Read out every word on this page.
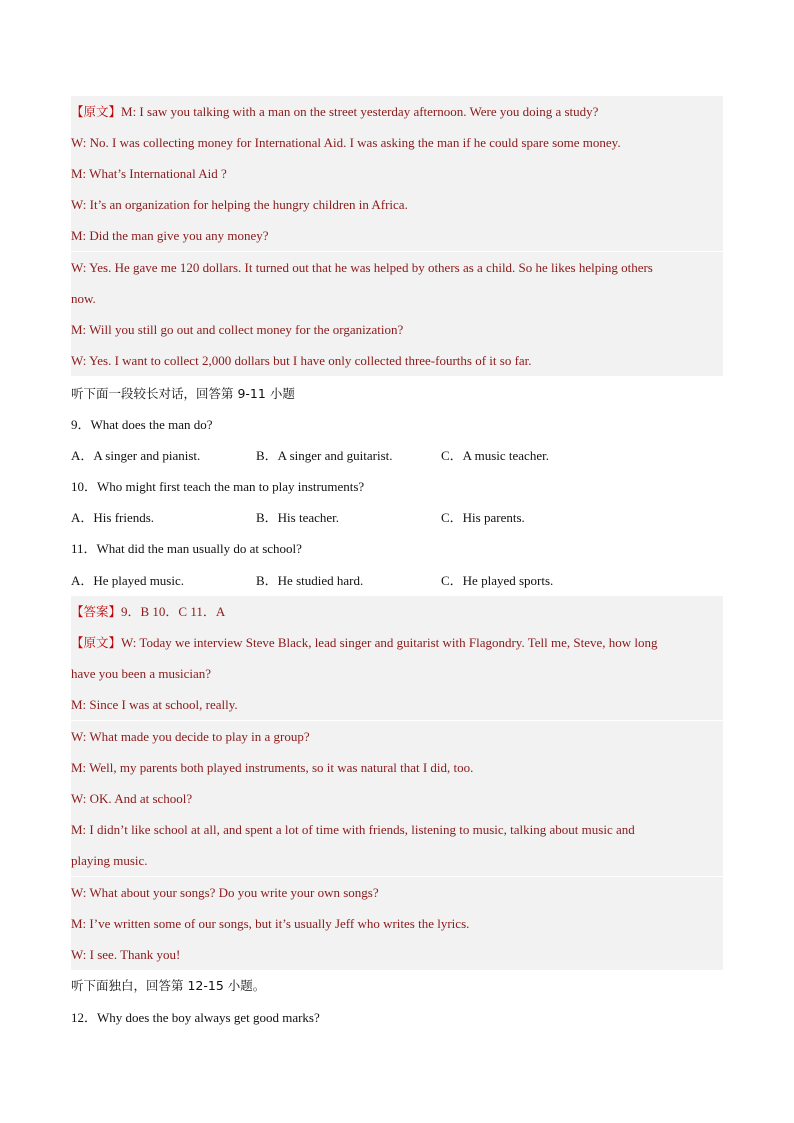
【原文】M: I saw you talking with a man on the street yesterday afternoon. Were you doing a study?
W: No. I was collecting money for International Aid. I was asking the man if he could spare some money.
M: What’s International Aid ?
W: It’s an organization for helping the hungry children in Africa.
M: Did the man give you any money?
W: Yes. He gave me 120 dollars. It turned out that he was helped by others as a child. So he likes helping others
now.
M: Will you still go out and collect money for the organization?
W: Yes. I want to collect 2,000 dollars but I have only collected three-fourths of it so far.
听下面一段较长对话，回答第 9-11 小题
9．What does the man do?
A．A singer and pianist.	B．A singer and guitarist.	C．A music teacher.
10．Who might first teach the man to play instruments?
A．His friends.	B．His teacher.	C．His parents.
11．What did the man usually do at school?
A．He played music.	B．He studied hard.	C．He played sports.
【答案】9．B 10．C 11．A
【原文】W: Today we interview Steve Black, lead singer and guitarist with Flagondry. Tell me, Steve, how long
have you been a musician?
M: Since I was at school, really.
W: What made you decide to play in a group?
M: Well, my parents both played instruments, so it was natural that I did, too.
W: OK. And at school?
M: I didn’t like school at all, and spent a lot of time with friends, listening to music, talking about music and
playing music.
W: What about your songs? Do you write your own songs?
M: I’ve written some of our songs, but it’s usually Jeff who writes the lyrics.
W: I see. Thank you!
听下面独白，回答第 12-15 小题。
12．Why does the boy always get good marks?
